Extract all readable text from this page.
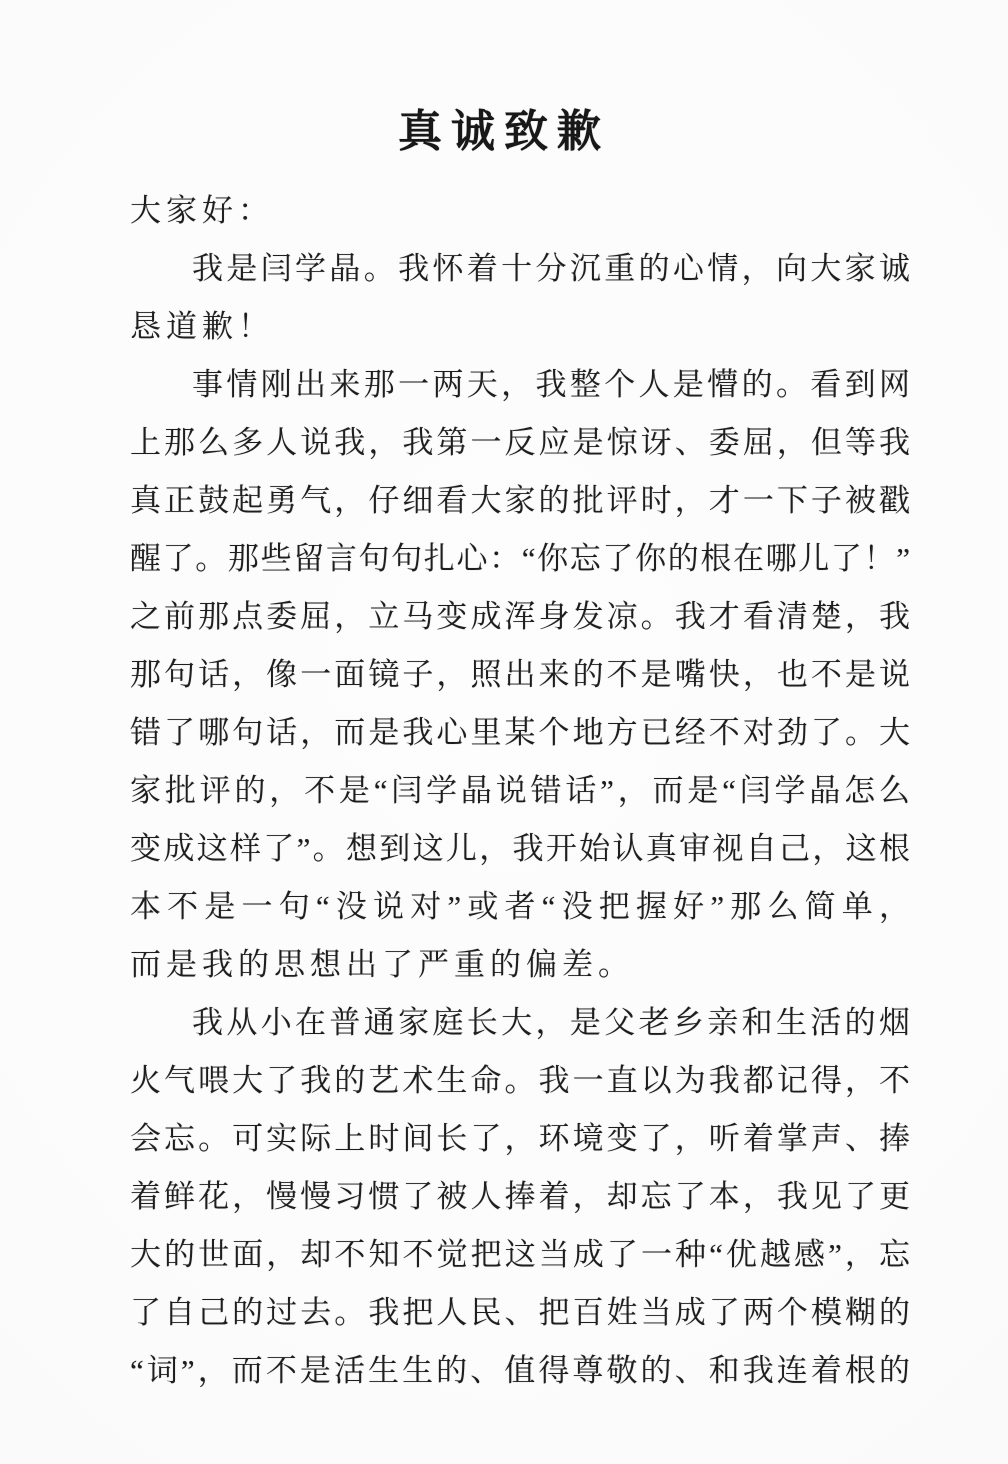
真诚致歉
大家好：
我是闫学晶。我怀着十分沉重的心情，向大家诚
恳道歉！
事情刚出来那一两天，我整个人是懵的。看到网
上那么多人说我，我第一反应是惊讶、委屈，但等我
真正鼓起勇气，仔细看大家的批评时，才一下子被戳
醒了。那些留言句句扎心：“你忘了你的根在哪儿了！”
之前那点委屈，立马变成浑身发凉。我才看清楚，我
那句话，像一面镜子，照出来的不是嘴快，也不是说
错了哪句话，而是我心里某个地方已经不对劲了。大
家批评的，不是“闫学晶说错话”，而是“闫学晶怎么
变成这样了”。想到这儿，我开始认真审视自己，这根
本不是一句“没说对”或者“没把握好”那么简单，
而是我的思想出了严重的偏差。
我从小在普通家庭长大，是父老乡亲和生活的烟
火气喂大了我的艺术生命。我一直以为我都记得，不
会忘。可实际上时间长了，环境变了，听着掌声、捧
着鲜花，慢慢习惯了被人捧着，却忘了本，我见了更
大的世面，却不知不觉把这当成了一种“优越感”，忘
了自己的过去。我把人民、把百姓当成了两个模糊的
“词”，而不是活生生的、值得尊敬的、和我连着根的
